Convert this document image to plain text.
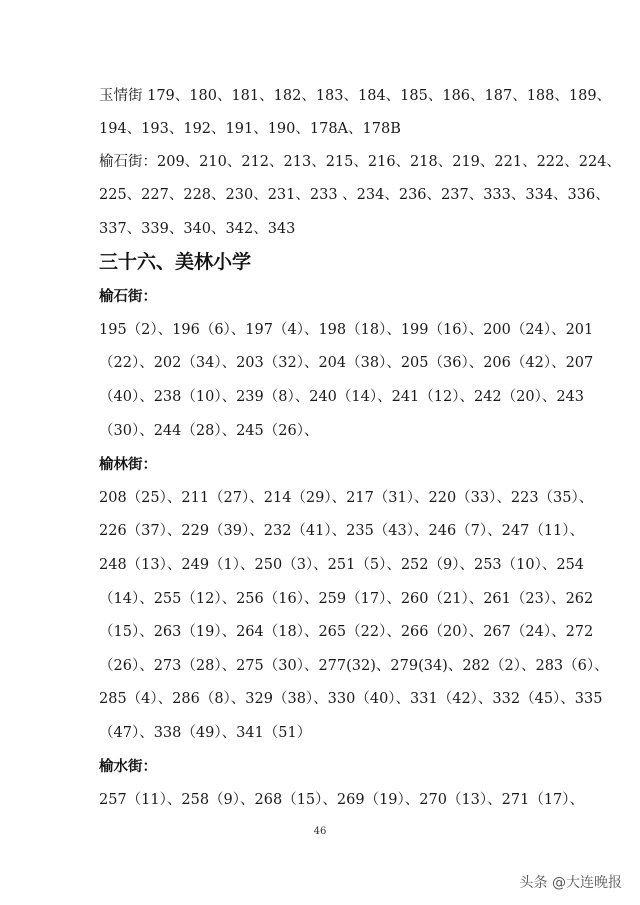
玉情街 179、180、181、182、183、184、185、186、187、188、189、
194、193、192、191、190、178A、178B
榆石街：209、210、212、213、215、216、218、219、221、222、224、
225、227、228、230、231、233 、234、236、237、333、334、336、
337、339、340、342、343
三十六、美林小学
榆石街：
195（2）、196（6）、197（4）、198（18）、199（16）、200（24）、201
（22）、202（34）、203（32）、204（38）、205（36）、206（42）、207
（40）、238（10）、239（8）、240（14）、241（12）、242（20）、243
（30）、244（28）、245（26）、
榆林街：
208（25）、211（27）、214（29）、217（31）、220（33）、223（35）、
226（37）、229（39）、232（41）、235（43）、246（7）、247（11）、
248（13）、249（1）、250（3）、251（5）、252（9）、253（10）、254
（14）、255（12）、256（16）、259（17）、260（21）、261（23）、262
（15）、263（19）、264（18）、265（22）、266（20）、267（24）、272
（26）、273（28）、275（30）、277(32)、279(34)、282（2）、283（6）、
285（4）、286（8）、329（38）、330（40）、331（42）、332（45）、335
（47）、338（49）、341（51）
榆水街：
257（11）、258（9）、268（15）、269（19）、270（13）、271（17）、
46
头条 @大连晚报
